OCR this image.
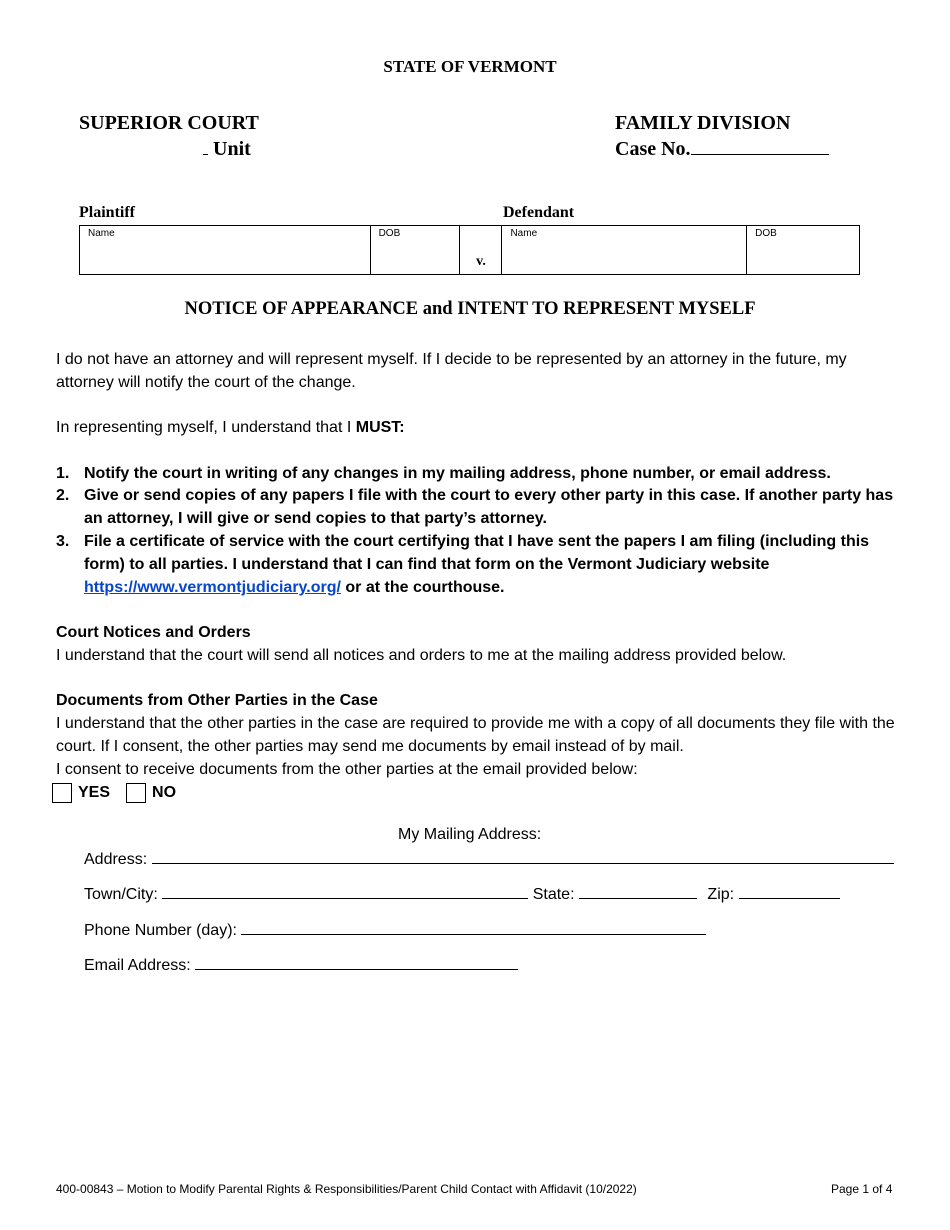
STATE OF VERMONT
SUPERIOR COURT
Unit
FAMILY DIVISION
Case No.
Plaintiff	Defendant
Name	DOB	v.	Name	DOB
NOTICE OF APPEARANCE and INTENT TO REPRESENT MYSELF
I do not have an attorney and will represent myself. If I decide to be represented by an attorney in the future, my attorney will notify the court of the change.
In representing myself, I understand that I MUST:
1. Notify the court in writing of any changes in my mailing address, phone number, or email address.
2. Give or send copies of any papers I file with the court to every other party in this case. If another party has an attorney, I will give or send copies to that party’s attorney.
3. File a certificate of service with the court certifying that I have sent the papers I am filing (including this form) to all parties. I understand that I can find that form on the Vermont Judiciary website https://www.vermontjudiciary.org/ or at the courthouse.
Court Notices and Orders
I understand that the court will send all notices and orders to me at the mailing address provided below.
Documents from Other Parties in the Case
I understand that the other parties in the case are required to provide me with a copy of all documents they file with the court. If I consent, the other parties may send me documents by email instead of by mail.
I consent to receive documents from the other parties at the email provided below:
YES	NO
My Mailing Address:
Address:
Town/City:	State:	Zip:
Phone Number (day):
Email Address:
400-00843 – Motion to Modify Parental Rights & Responsibilities/Parent Child Contact with Affidavit (10/2022)	Page 1 of 4
